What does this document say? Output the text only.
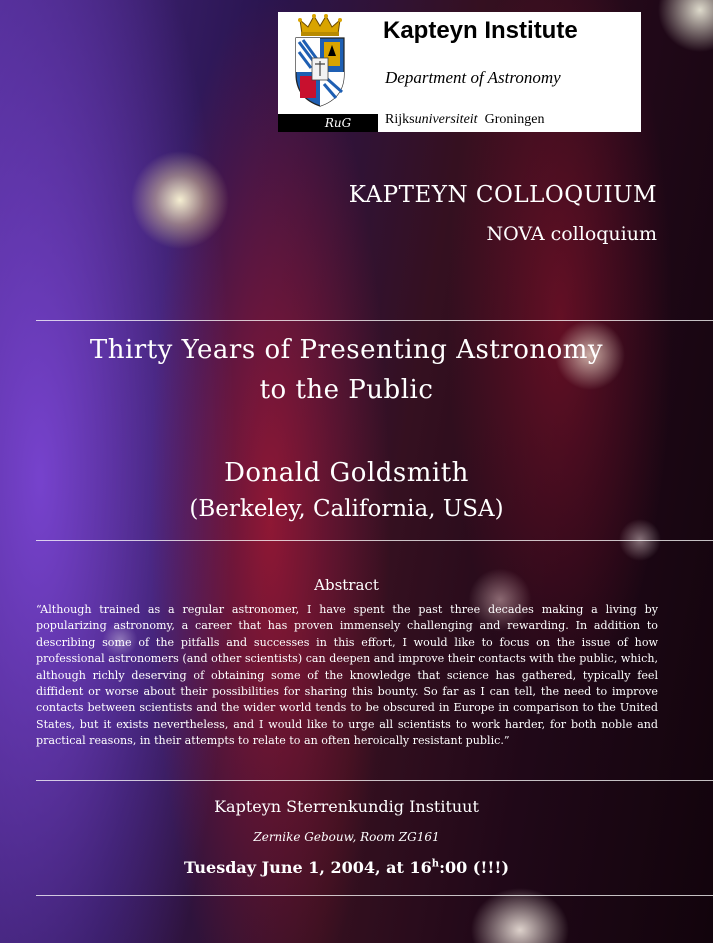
RuG
Kapteyn Institute
Department of Astronomy
Rijksuniversiteit Groningen
KAPTEYN COLLOQUIUM
NOVA colloquium
Thirty Years of Presenting Astronomy
to the Public
Donald Goldsmith
(Berkeley, California, USA)
Abstract
“Although trained as a regular astronomer, I have spent the past three decades making a living by popularizing astronomy, a career that has proven immensely challenging and rewarding. In addition to describing some of the pitfalls and successes in this effort, I would like to focus on the issue of how professional astronomers (and other scientists) can deepen and improve their contacts with the public, which, although richly deserving of obtaining some of the knowledge that science has gathered, typically feel diffident or worse about their possibilities for sharing this bounty. So far as I can tell, the need to improve contacts between scientists and the wider world tends to be obscured in Europe in comparison to the United States, but it exists nevertheless, and I would like to urge all scientists to work harder, for both noble and practical reasons, in their attempts to relate to an often heroically resistant public.”
Kapteyn Sterrenkundig Instituut
Zernike Gebouw, Room ZG161
Tuesday June 1, 2004, at 16$^h$:00 (!!!)
